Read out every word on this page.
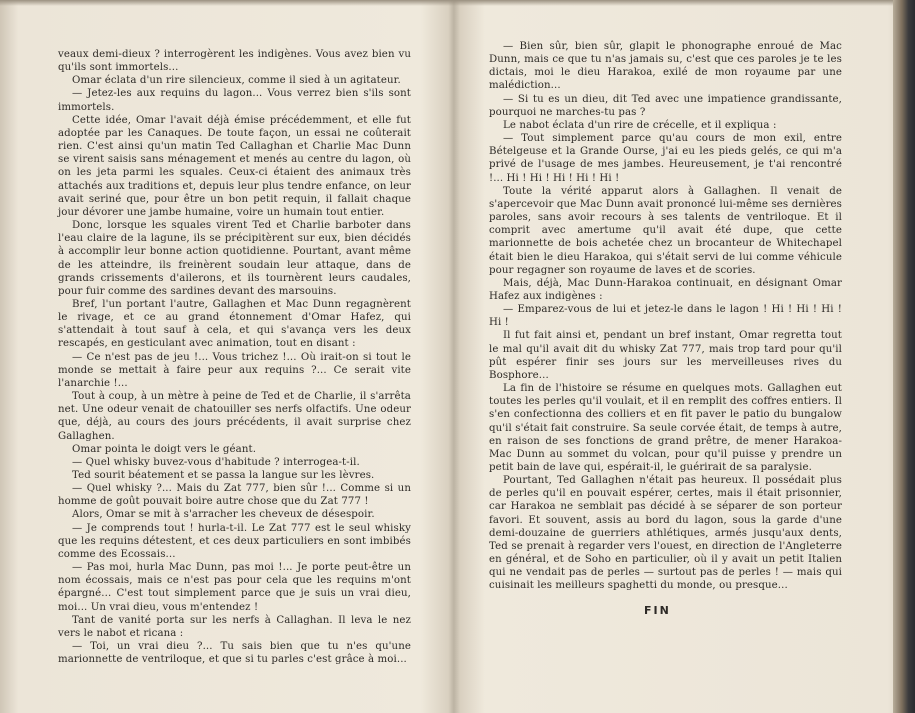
veaux demi-dieux ? interrogèrent les indigènes. Vous avez bien vu qu'ils sont immortels...

Omar éclata d'un rire silencieux, comme il sied à un agitateur.

— Jetez-les aux requins du lagon... Vous verrez bien s'ils sont immortels.

Cette idée, Omar l'avait déjà émise précédemment, et elle fut adoptée par les Canaques. De toute façon, un essai ne coûterait rien. C'est ainsi qu'un matin Ted Callaghan et Charlie Mac Dunn se virent saisis sans ménagement et menés au centre du lagon, où on les jeta parmi les squales. Ceux-ci étaient des animaux très attachés aux traditions et, depuis leur plus tendre enfance, on leur avait seriné que, pour être un bon petit requin, il fallait chaque jour dévorer une jambe humaine, voire un humain tout entier.

Donc, lorsque les squales virent Ted et Charlie barboter dans l'eau claire de la lagune, ils se précipitèrent sur eux, bien décidés à accomplir leur bonne action quotidienne. Pourtant, avant même de les atteindre, ils freinèrent soudain leur attaque, dans de grands crissements d'ailerons, et ils tournèrent leurs caudales, pour fuir comme des sardines devant des marsouins.

Bref, l'un portant l'autre, Gallaghen et Mac Dunn regagnèrent le rivage, et ce au grand étonnement d'Omar Hafez, qui s'attendait à tout sauf à cela, et qui s'avança vers les deux rescapés, en gesticulant avec animation, tout en disant :

— Ce n'est pas de jeu !... Vous trichez !... Où irait-on si tout le monde se mettait à faire peur aux requins ?... Ce serait vite l'anarchie !...

Tout à coup, à un mètre à peine de Ted et de Charlie, il s'arrêta net. Une odeur venait de chatouiller ses nerfs olfactifs. Une odeur que, déjà, au cours des jours précédents, il avait surprise chez Gallaghen.

Omar pointa le doigt vers le géant.

— Quel whisky buvez-vous d'habitude ? interrogea-t-il.

Ted sourit béatement et se passa la langue sur les lèvres.

— Quel whisky ?... Mais du Zat 777, bien sûr !... Comme si un homme de goût pouvait boire autre chose que du Zat 777 !

Alors, Omar se mit à s'arracher les cheveux de désespoir.

— Je comprends tout ! hurla-t-il. Le Zat 777 est le seul whisky que les requins détestent, et ces deux particuliers en sont imbibés comme des Ecossais...

— Pas moi, hurla Mac Dunn, pas moi !... Je porte peut-être un nom écossais, mais ce n'est pas pour cela que les requins m'ont épargné... C'est tout simplement parce que je suis un vrai dieu, moi... Un vrai dieu, vous m'entendez !

Tant de vanité porta sur les nerfs à Callaghan. Il leva le nez vers le nabot et ricana :

— Toi, un vrai dieu ?... Tu sais bien que tu n'es qu'une marionnette de ventriloque, et que si tu parles c'est grâce à moi...

— Bien sûr, bien sûr, glapit le phonographe enroué de Mac Dunn, mais ce que tu n'as jamais su, c'est que ces paroles je te les dictais, moi le dieu Harakoa, exilé de mon royaume par une malédiction...

— Si tu es un dieu, dit Ted avec une impatience grandissante, pourquoi ne marches-tu pas ?

Le nabot éclata d'un rire de crécelle, et il expliqua :

— Tout simplement parce qu'au cours de mon exil, entre Bételgeuse et la Grande Ourse, j'ai eu les pieds gelés, ce qui m'a privé de l'usage de mes jambes. Heureusement, je t'ai rencontré !... Hi ! Hi ! Hi ! Hi ! Hi !

Toute la vérité apparut alors à Gallaghen. Il venait de s'apercevoir que Mac Dunn avait prononcé lui-même ses dernières paroles, sans avoir recours à ses talents de ventriloque. Et il comprit avec amertume qu'il avait été dupe, que cette marionnette de bois achetée chez un brocanteur de Whitechapel était bien le dieu Harakoa, qui s'était servi de lui comme véhicule pour regagner son royaume de laves et de scories.

Mais, déjà, Mac Dunn-Harakoa continuait, en désignant Omar Hafez aux indigènes :

— Emparez-vous de lui et jetez-le dans le lagon ! Hi ! Hi ! Hi ! Hi !

Il fut fait ainsi et, pendant un bref instant, Omar regretta tout le mal qu'il avait dit du whisky Zat 777, mais trop tard pour qu'il pût espérer finir ses jours sur les merveilleuses rives du Bosphore...

La fin de l'histoire se résume en quelques mots. Gallaghen eut toutes les perles qu'il voulait, et il en remplit des coffres entiers. Il s'en confectionna des colliers et en fit paver le patio du bungalow qu'il s'était fait construire. Sa seule corvée était, de temps à autre, en raison de ses fonctions de grand prêtre, de mener Harakoa-Mac Dunn au sommet du volcan, pour qu'il puisse y prendre un petit bain de lave qui, espérait-il, le guérirait de sa paralysie.

Pourtant, Ted Gallaghen n'était pas heureux. Il possédait plus de perles qu'il en pouvait espérer, certes, mais il était prisonnier, car Harakoa ne semblait pas décidé à se séparer de son porteur favori. Et souvent, assis au bord du lagon, sous la garde d'une demi-douzaine de guerriers athlétiques, armés jusqu'aux dents, Ted se prenait à regarder vers l'ouest, en direction de l'Angleterre en général, et de Soho en particulier, où il y avait un petit Italien qui ne vendait pas de perles — surtout pas de perles ! — mais qui cuisinait les meilleurs spaghetti du monde, ou presque...

FIN
